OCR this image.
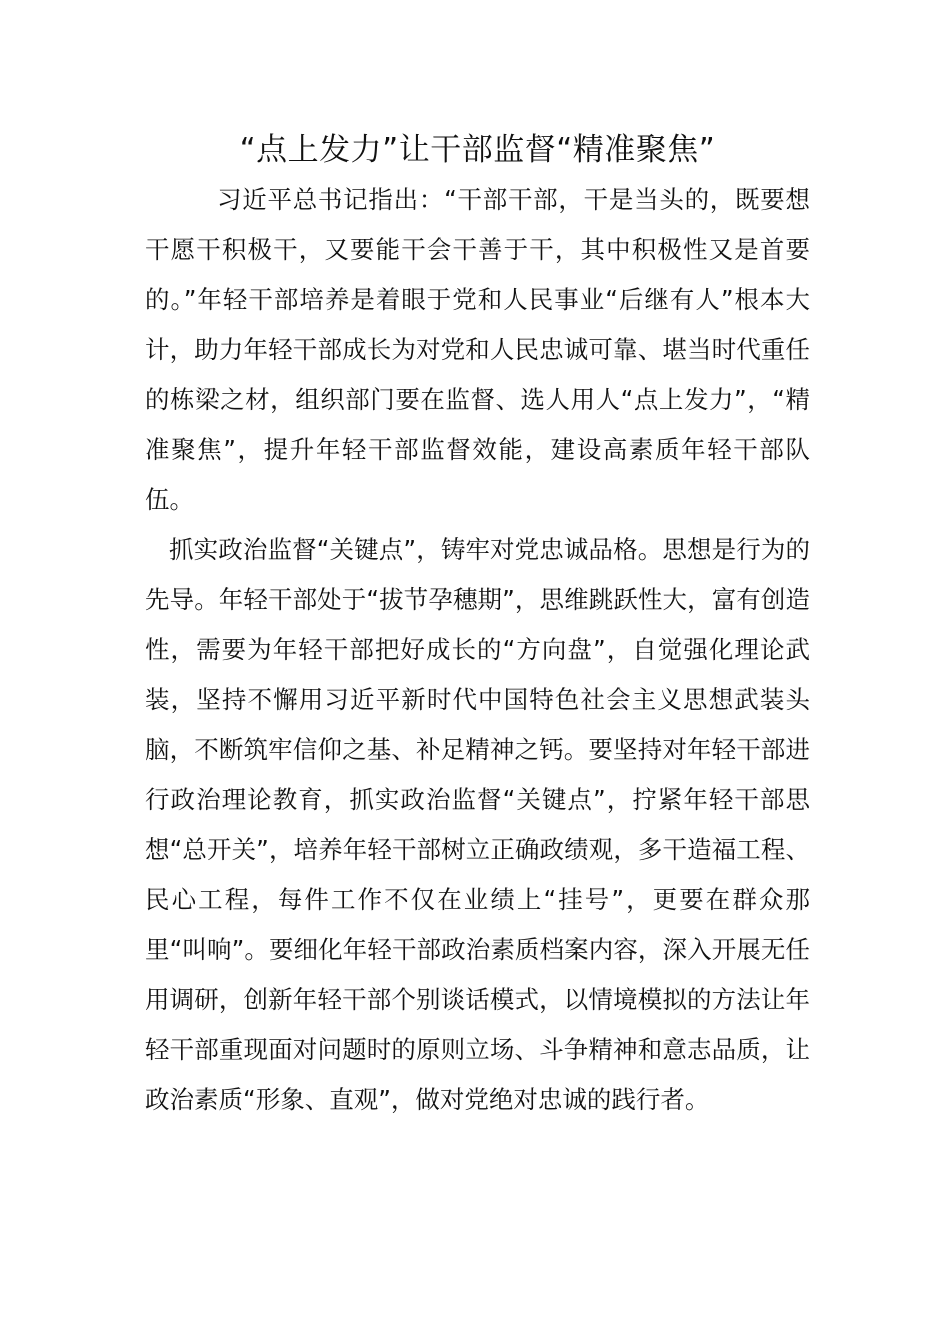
“点上发力”让干部监督“精准聚焦”

习近平总书记指出：“干部干部，干是当头的，既要想干愿干积极干，又要能干会干善于干，其中积极性又是首要的。”年轻干部培养是着眼于党和人民事业“后继有人”根本大计，助力年轻干部成长为对党和人民忠诚可靠、堪当时代重任的栋梁之材，组织部门要在监督、选人用人“点上发力”，“精准聚焦”，提升年轻干部监督效能，建设高素质年轻干部队伍。

抓实政治监督“关键点”，铸牢对党忠诚品格。思想是行为的先导。年轻干部处于“拔节孕穗期”，思维跳跃性大，富有创造性，需要为年轻干部把好成长的“方向盘”，自觉强化理论武装，坚持不懈用习近平新时代中国特色社会主义思想武装头脑，不断筑牢信仰之基、补足精神之钙。要坚持对年轻干部进行政治理论教育，抓实政治监督“关键点”，拧紧年轻干部思想“总开关”，培养年轻干部树立正确政绩观，多干造福工程、民心工程，每件工作不仅在业绩上“挂号”，更要在群众那里“叫响”。要细化年轻干部政治素质档案内容，深入开展无任用调研，创新年轻干部个别谈话模式，以情境模拟的方法让年轻干部重现面对问题时的原则立场、斗争精神和意志品质，让政治素质“形象、直观”，做对党绝对忠诚的践行者。
